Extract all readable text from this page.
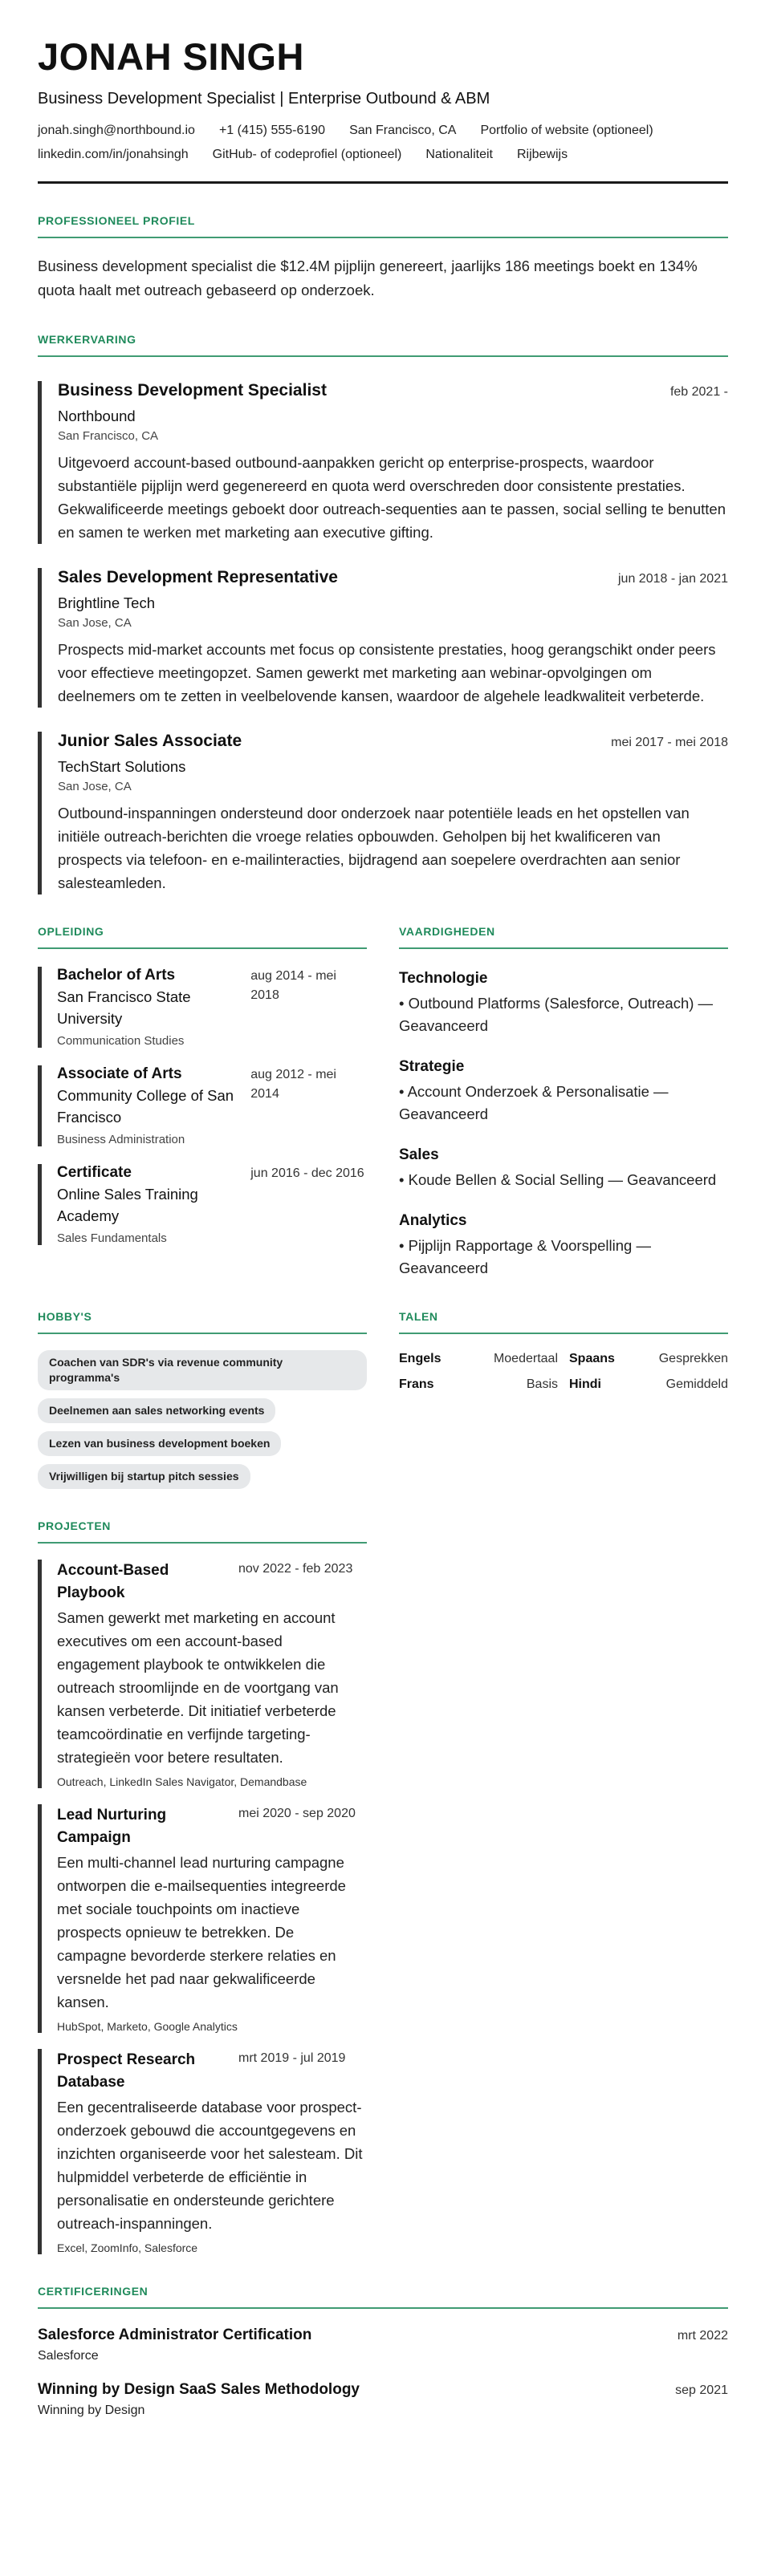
JONAH SINGH
Business Development Specialist | Enterprise Outbound & ABM
jonah.singh@northbound.io +1 (415) 555-6190 San Francisco, CA Portfolio of website (optioneel)
linkedin.com/in/jonahsingh GitHub- of codeprofiel (optioneel) Nationaliteit Rijbewijs
PROFESSIONEEL PROFIEL
Business development specialist die $12.4M pijplijn genereert, jaarlijks 186 meetings boekt en 134% quota haalt met outreach gebaseerd op onderzoek.
WERKERVARING
Business Development Specialist	feb 2021 -
Northbound
San Francisco, CA
Uitgevoerd account-based outbound-aanpakken gericht op enterprise-prospects, waardoor substantiële pijplijn werd gegenereerd en quota werd overschreden door consistente prestaties. Gekwalificeerde meetings geboekt door outreach-sequenties aan te passen, social selling te benutten en samen te werken met marketing aan executive gifting.
Sales Development Representative	jun 2018 - jan 2021
Brightline Tech
San Jose, CA
Prospects mid-market accounts met focus op consistente prestaties, hoog gerangschikt onder peers voor effectieve meetingopzet. Samen gewerkt met marketing aan webinar-opvolgingen om deelnemers om te zetten in veelbelovende kansen, waardoor de algehele leadkwaliteit verbeterde.
Junior Sales Associate	mei 2017 - mei 2018
TechStart Solutions
San Jose, CA
Outbound-inspanningen ondersteund door onderzoek naar potentiële leads en het opstellen van initiële outreach-berichten die vroege relaties opbouwden. Geholpen bij het kwalificeren van prospects via telefoon- en e-mailinteracties, bijdragend aan soepelere overdrachten aan senior salesteamleden.
OPLEIDING
Bachelor of Arts
San Francisco State University
aug 2014 - mei 2018
Communication Studies
Associate of Arts
Community College of San Francisco
aug 2012 - mei 2014
Business Administration
Certificate
Online Sales Training Academy
jun 2016 - dec 2016
Sales Fundamentals
VAARDIGHEDEN
Technologie
• Outbound Platforms (Salesforce, Outreach) — Geavanceerd
Strategie
• Account Onderzoek & Personalisatie — Geavanceerd
Sales
• Koude Bellen & Social Selling — Geavanceerd
Analytics
• Pijplijn Rapportage & Voorspelling — Geavanceerd
HOBBY'S
Coachen van SDR's via revenue community programma's
Deelnemen aan sales networking events
Lezen van business development boeken
Vrijwilligen bij startup pitch sessies
TALEN
Engels	Moedertaal Spaans	Gesprekken
Frans	Basis Hindi	Gemiddeld
PROJECTEN
Account-Based Playbook
nov 2022 - feb 2023
Samen gewerkt met marketing en account executives om een account-based engagement playbook te ontwikkelen die outreach stroomlijnde en de voortgang van kansen verbeterde. Dit initiatief verbeterde teamcoördinatie en verfijnde targeting-strategieën voor betere resultaten.
Outreach, LinkedIn Sales Navigator, Demandbase
Lead Nurturing Campaign
mei 2020 - sep 2020
Een multi-channel lead nurturing campagne ontworpen die e-mailsequenties integreerde met sociale touchpoints om inactieve prospects opnieuw te betrekken. De campagne bevorderde sterkere relaties en versnelde het pad naar gekwalificeerde kansen.
HubSpot, Marketo, Google Analytics
Prospect Research Database
mrt 2019 - jul 2019
Een gecentraliseerde database voor prospect-onderzoek gebouwd die accountgegevens en inzichten organiseerde voor het salesteam. Dit hulpmiddel verbeterde de efficiëntie in personalisatie en ondersteunde gerichtere outreach-inspanningen.
Excel, ZoomInfo, Salesforce
CERTIFICERINGEN
Salesforce Administrator Certification	mrt 2022
Salesforce
Winning by Design SaaS Sales Methodology	sep 2021
Winning by Design
